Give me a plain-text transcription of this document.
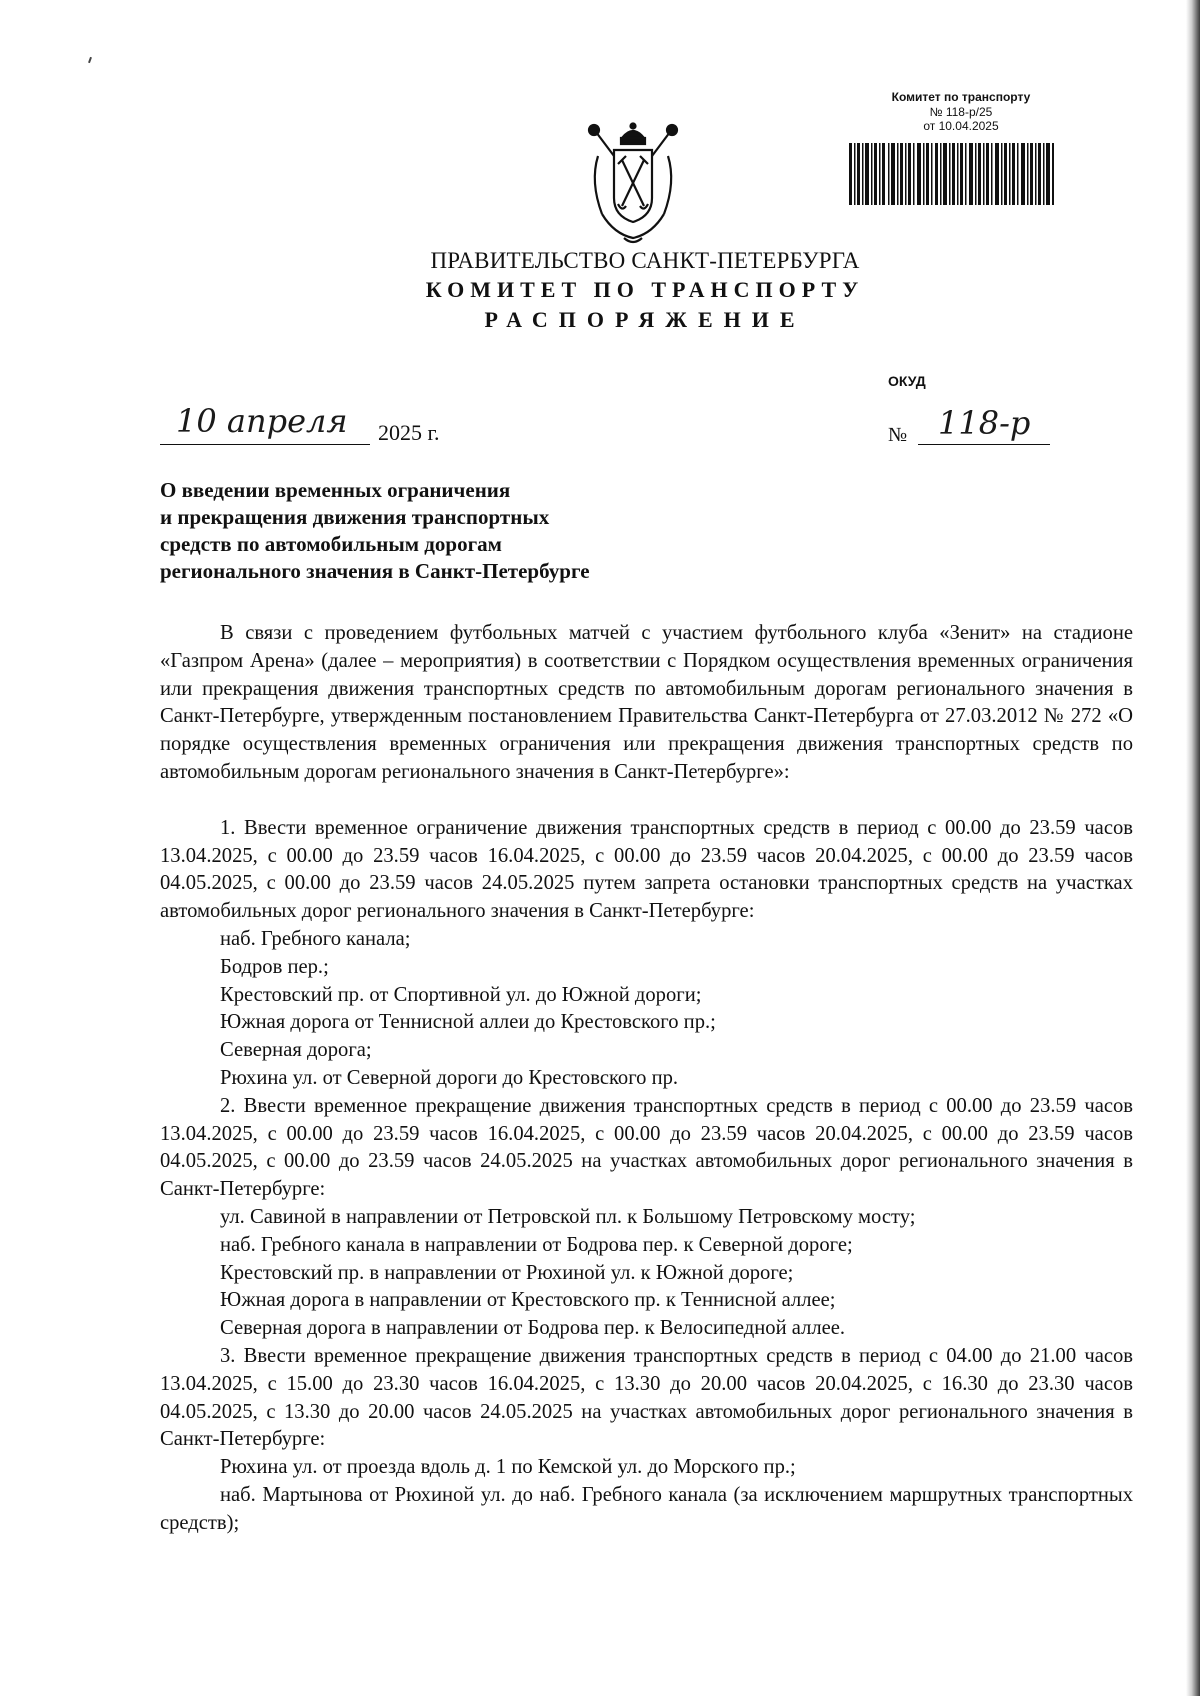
Комитет по транспорту
№ 118-р/25
от 10.04.2025
ПРАВИТЕЛЬСТВО САНКТ-ПЕТЕРБУРГА
КОМИТЕТ ПО ТРАНСПОРТУ
РАСПОРЯЖЕНИЕ
ОКУД
10 апреля 2025 г.	№ 118-р
О введении временных ограничения
и прекращения движения транспортных
средств по автомобильным дорогам
регионального значения в Санкт-Петербурге

В связи с проведением футбольных матчей с участием футбольного клуба «Зенит» на стадионе «Газпром Арена» (далее – мероприятия) в соответствии с Порядком осуществления временных ограничения или прекращения движения транспортных средств по автомобильным дорогам регионального значения в Санкт-Петербурге, утвержденным постановлением Правительства Санкт-Петербурга от 27.03.2012 № 272 «О порядке осуществления временных ограничения или прекращения движения транспортных средств по автомобильным дорогам регионального значения в Санкт-Петербурге»:

1. Ввести временное ограничение движения транспортных средств в период с 00.00 до 23.59 часов 13.04.2025, с 00.00 до 23.59 часов 16.04.2025, с 00.00 до 23.59 часов 20.04.2025, с 00.00 до 23.59 часов 04.05.2025, с 00.00 до 23.59 часов 24.05.2025 путем запрета остановки транспортных средств на участках автомобильных дорог регионального значения в Санкт-Петербурге:

наб. Гребного канала;
Бодров пер.;
Крестовский пр. от Спортивной ул. до Южной дороги;
Южная дорога от Теннисной аллеи до Крестовского пр.;
Северная дорога;
Рюхина ул. от Северной дороги до Крестовского пр.

2. Ввести временное прекращение движения транспортных средств в период с 00.00 до 23.59 часов 13.04.2025, с 00.00 до 23.59 часов 16.04.2025, с 00.00 до 23.59 часов 20.04.2025, с 00.00 до 23.59 часов 04.05.2025, с 00.00 до 23.59 часов 24.05.2025 на участках автомобильных дорог регионального значения в Санкт-Петербурге:

ул. Савиной в направлении от Петровской пл. к Большому Петровскому мосту;
наб. Гребного канала в направлении от Бодрова пер. к Северной дороге;
Крестовский пр. в направлении от Рюхиной ул. к Южной дороге;
Южная дорога в направлении от Крестовского пр. к Теннисной аллее;
Северная дорога в направлении от Бодрова пер. к Велосипедной аллее.

3. Ввести временное прекращение движения транспортных средств в период с 04.00 до 21.00 часов 13.04.2025, с 15.00 до 23.30 часов 16.04.2025, с 13.30 до 20.00 часов 20.04.2025, с 16.30 до 23.30 часов 04.05.2025, с 13.30 до 20.00 часов 24.05.2025 на участках автомобильных дорог регионального значения в Санкт-Петербурге:

Рюхина ул. от проезда вдоль д. 1 по Кемской ул. до Морского пр.;

наб. Мартынова от Рюхиной ул. до наб. Гребного канала (за исключением маршрутных транспортных средств);
